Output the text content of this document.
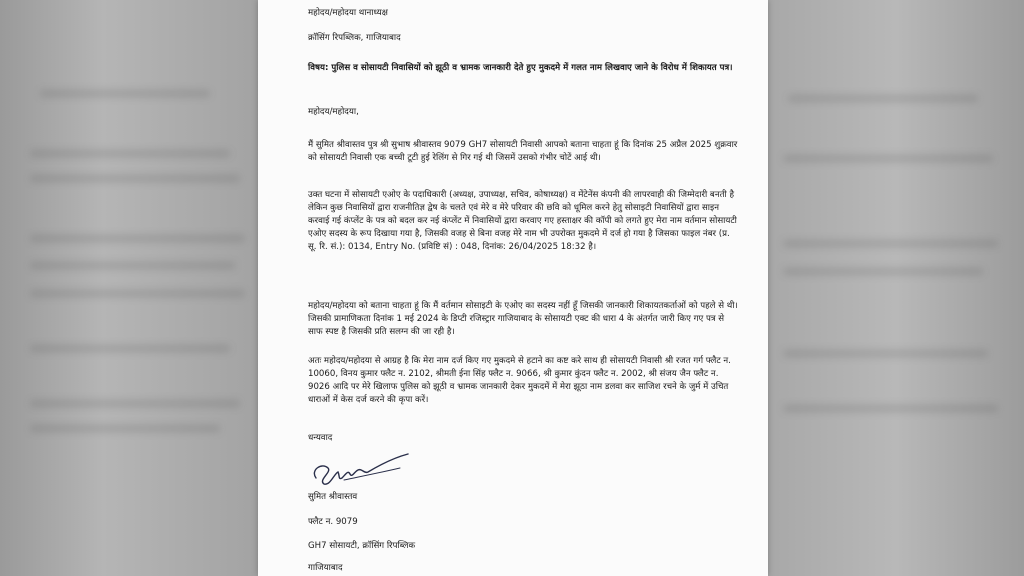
महोदय/महोदया थानाध्यक्ष

क्रॉसिंग रिपब्लिक, गाजियाबाद

विषय: पुलिस व सोसायटी निवासियों को झूठी व भ्रामक जानकारी देते हुए मुकदमे में गलत नाम लिखवाए जाने के विरोध में शिकायत पत्र।

महोदय/महोदया,

मैं सुमित श्रीवास्तव पुत्र श्री सुभाष श्रीवास्तव 9079 GH7 सोसायटी निवासी आपको बताना चाहता हूं कि दिनांक 25 अप्रैल 2025 शुक्रवार को सोसायटी निवासी एक बच्ची टूटी हुई रेलिंग से गिर गई थी जिसमें उसको गंभीर चोटें आई थी।

उक्त घटना में सोसायटी एओए के पदाधिकारी (अध्यक्ष, उपाध्यक्ष, सचिव, कोषाध्यक्ष) व मेंटेनेंस कंपनी की लापरवाही की जिम्मेदारी बनती है लेकिन कुछ निवासियों द्वारा राजनीतिज्ञ द्वेष के चलते एवं मेरे व मेरे परिवार की छवि को धूमिल करने हेतु सोसाइटी निवासियों द्वारा साइन करवाई गई कंप्लेंट के पत्र को बदल कर नई कंप्लेंट में निवासियों द्वारा करवाए गए हस्ताक्षर की कॉपी को लगते हुए मेरा नाम वर्तमान सोसायटी एओए सदस्य के रूप दिखाया गया है, जिसकी वजह से बिना वजह मेरे नाम भी उपरोक्त मुकदमे में दर्ज हो गया है जिसका फाइल नंबर (प्र. सू. रि. सं.): 0134, Entry No. (प्रविष्टि सं) : 048, दिनांक: 26/04/2025 18:32 है।

महोदय/महोदया को बताना चाहता हूं कि मैं वर्तमान सोसाइटी के एओए का सदस्य नहीं हूँ जिसकी जानकारी शिकायतकर्ताओं को पहले से थी। जिसकी प्रामाणिकता दिनांक 1 मई 2024 के डिप्टी रजिस्ट्रार गाजियाबाद के सोसायटी एक्ट की धारा 4 के अंतर्गत जारी किए गए पत्र से साफ स्पष्ट है जिसकी प्रति सलग्न की जा रही है।

अतः महोदय/महोदया से आग्रह है कि मेरा नाम दर्ज किए गए मुकदमे से हटाने का कष्ट करे साथ ही सोसायटी निवासी श्री रजत गर्ग फ्लैट न. 10060, विनय कुमार फ्लैट न. 2102, श्रीमती ईना सिंह फ्लैट न. 9066, श्री कुमार कुंदन फ्लैट न. 2002, श्री संजय जैन फ्लैट न. 9026 आदि पर मेरे खिलाफ पुलिस को झूठी व भ्रामक जानकारी देकर मुकदमें में मेरा झूठा नाम डलवा कर साजिश रचने के जुर्म में उचित धाराओं में केस दर्ज करने की कृपा करें।

धन्यवाद

सुमित श्रीवास्तव

फ्लैट न. 9079

GH7 सोसायटी, क्रॉसिंग रिपब्लिक

गाजियाबाद
